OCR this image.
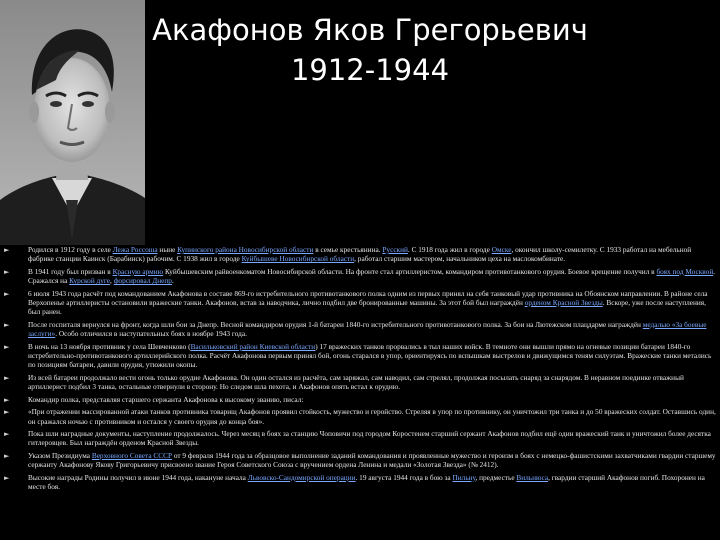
Акафонов Яков Грегорьевич
1912-1944
►	Родился в 1912 году в селе Лежа Россоша ныне Купинского района Новосибирской области в семье крестьянина. Русский. С 1918 года жил в городе Омске, окончил школу-семилетку. С 1933 работал на мебельной фабрике станции Каинск (Барабинск) рабочим. С 1938 жил в городе Куйбышеве Новосибирской области, работал старшим мастером, начальником цеха на маслокомбинате.
►	В 1941 году был призван в Красную армию Куйбышевским райвоенкоматом Новосибирской области. На фронте стал артиллеристом, командиром противотанкового орудия. Боевое крещение получил в боях под Москвой. Сражался на Курской дуге, форсировал Днепр.
►	6 июля 1943 года расчёт под командованием Акафонова в составе 869-го истребительного противотанкового полка одним из первых принял на себя танковый удар противника на Обоянском направлении. В районе села Верхопенье артиллеристы остановили вражеские танки. Акафонов, встав за наводчика, лично подбил две бронированные машины. За этот бой был награждён орденом Красной Звезды. Вскоре, уже после наступления, был ранен.
►	После госпиталя вернулся на фронт, когда шли бои за Днепр. Весной командиром орудия 1-й батареи 1840-го истребительного противотанкового полка. За бои на Лютежском плацдарме награждён медалью «За боевые заслуги». Особо отличился в наступательных боях в ноябре 1943 года.
►	В ночь на 13 ноября противник у села Шевченково (Васильковский район Киевской области) 17 вражеских танков прорвались в тыл наших войск. В темноте они вышли прямо на огневые позиции батареи 1840-го истребительно-противотанкового артиллерийского полка. Расчёт Акафонова первым принял бой, огонь старался в упор, ориентируясь по вспышкам выстрелов и движущимся теням силуэтам. Вражеские танки метались по позициям батареи, давили орудия, утюжили окопы.
►	Из всей батареи продолжало вести огонь только орудие Акафонова. Он один остался из расчёта, сам заряжал, сам наводил, сам стрелял, продолжая посылать снаряд за снарядом. В неравном поединке отважный артиллерист подбил 3 танка, остальные отвернули в сторону. Но следом шла пехота, и Акафонов опять встал к орудию.
►	Командир полка, представляя старшего сержанта Акафонова к высокому званию, писал:
►	«При отражении массированной атаки танков противника товарищ Акафонов проявил стойкость, мужество и геройство. Стреляя в упор по противнику, он уничтожил три танка и до 50 вражеских солдат. Оставшись один, он сражался ночью с противником и остался у своего орудия до конца боя».
►	Пока шли наградные документы, наступление продолжалось. Через месяц в боях за станцию Чоповичи под городом Коростенем старший сержант Акафонов подбил ещё один вражеский танк и уничтожил более десятка гитлеровцев. Был награждён орденом Красной Звезды.
►	Указом Президиума Верховного Совета СССР от 9 февраля 1944 года за образцовое выполнение заданий командования и проявленные мужество и героизм в боях с немецко-фашистскими захватчиками гвардии старшему сержанту Акафонову Якову Григорьевичу присвоено звание Героя Советского Союза с вручением ордена Ленина и медали «Золотая Звезда» (№ 2412).
►	Высокие награды Родины получил в июне 1944 года, накануне начала Львовско-Сандомирской операции. 19 августа 1944 года в бою за Пильну, предместье Вильнюса, гвардии старший Акафонов погиб. Похоронен на месте боя.
